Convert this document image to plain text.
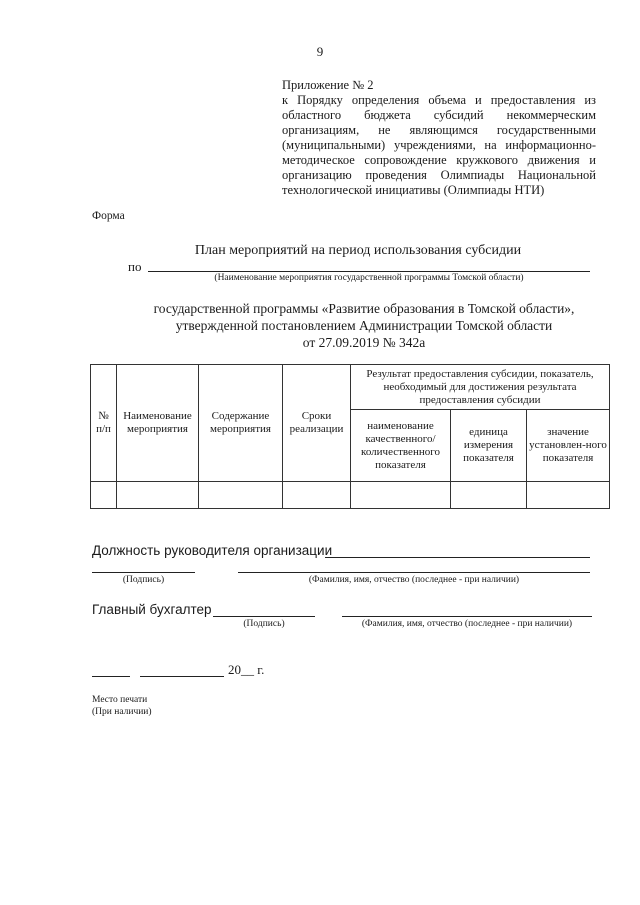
9
Приложение № 2
к Порядку определения объема и предоставления из областного бюджета субсидий некоммерческим организациям, не являющимся государственными (муниципальными) учреждениями, на информационно-методическое сопровождение кружкового движения и организацию проведения Олимпиады Национальной технологической инициативы (Олимпиады НТИ)
Форма
План мероприятий на период использования субсидии
по
(Наименование мероприятия государственной программы Томской области)
государственной программы «Развитие образования в Томской области»,
утвержденной постановлением Администрации Томской области
от 27.09.2019 № 342а
№ п/п	Наименование мероприятия	Содержание мероприятия	Сроки реализации	Результат предоставления субсидии, показатель, необходимый для достижения результата предоставления субсидии		
				наименование качественного/ количественного показателя	единица измерения показателя	значение установлен-ного показателя

Должность руководителя организации
(Подпись)	(Фамилия, имя, отчество (последнее - при наличии)
Главный бухгалтер
(Подпись)	(Фамилия, имя, отчество (последнее - при наличии)
20__ г.
Место печати
(При наличии)
